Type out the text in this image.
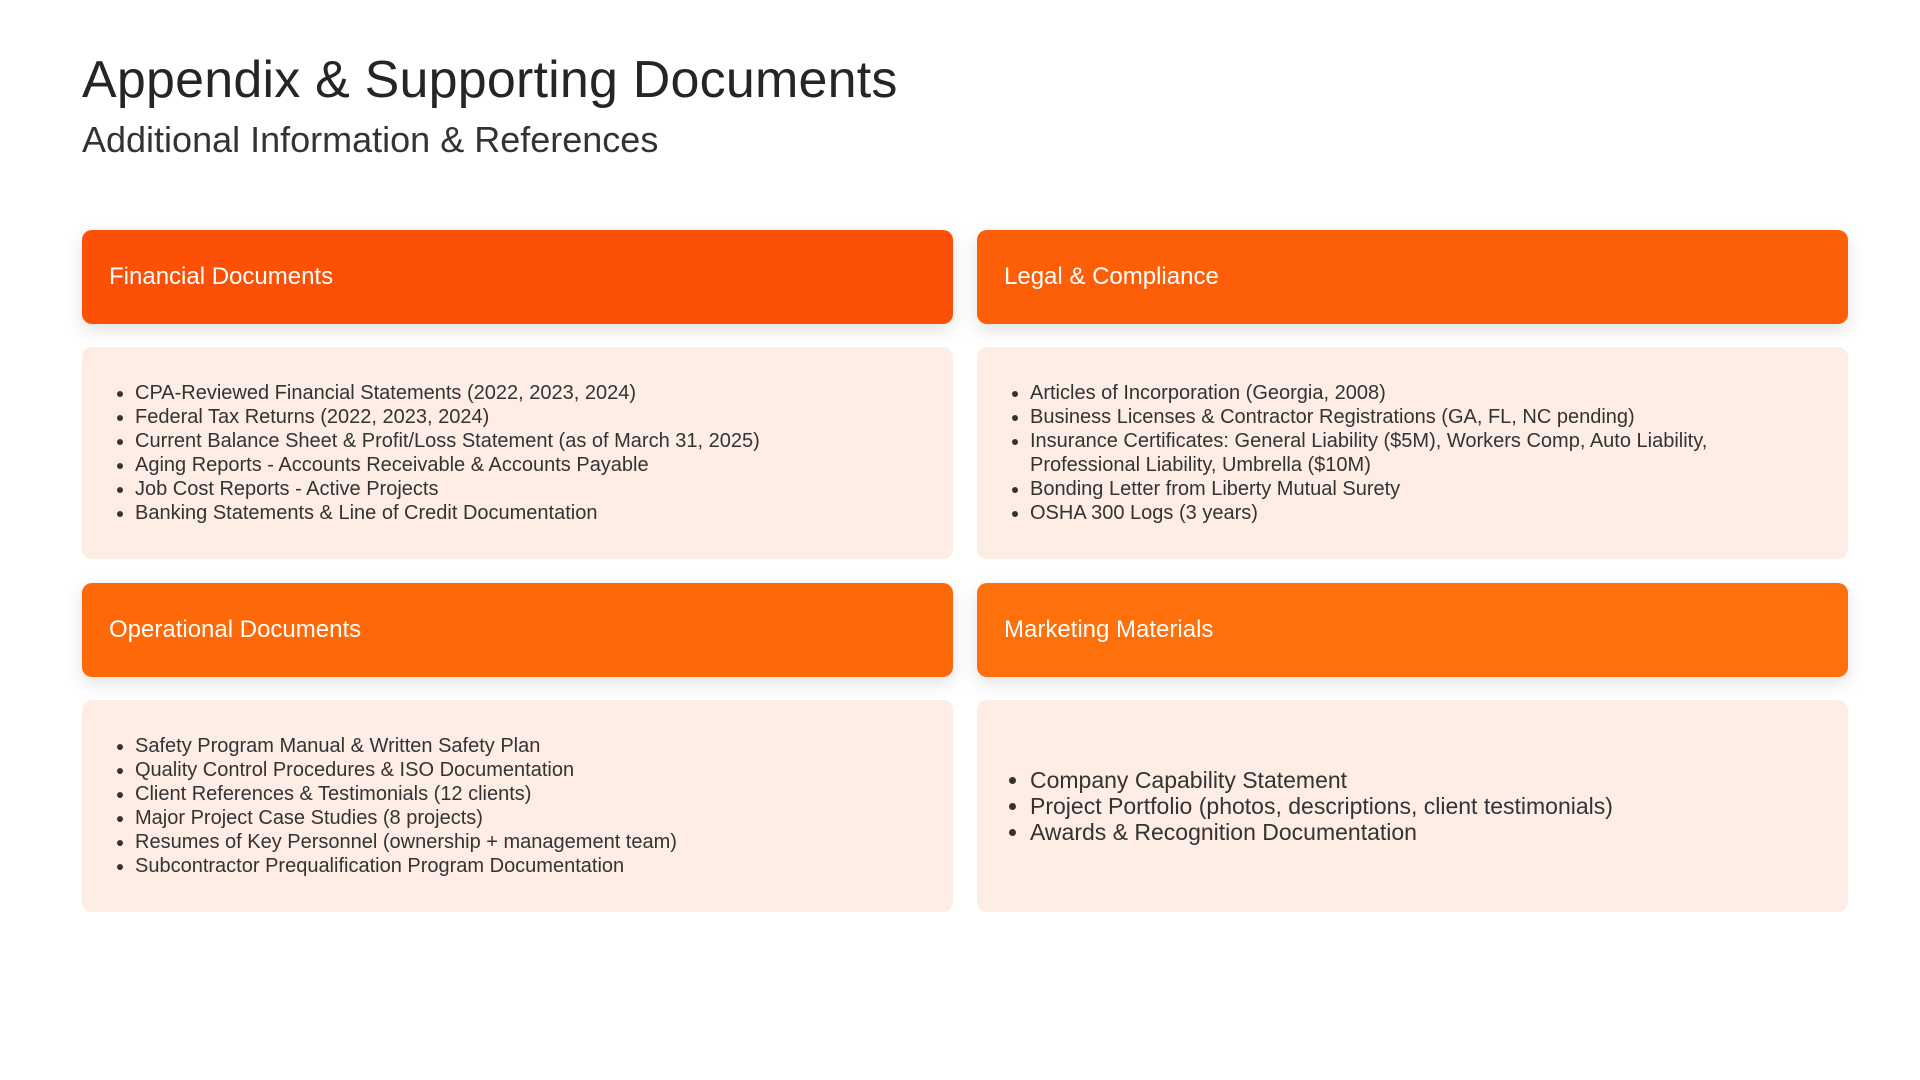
Appendix & Supporting Documents
Additional Information & References
Financial Documents
• CPA-Reviewed Financial Statements (2022, 2023, 2024)
• Federal Tax Returns (2022, 2023, 2024)
• Current Balance Sheet & Profit/Loss Statement (as of March 31, 2025)
• Aging Reports - Accounts Receivable & Accounts Payable
• Job Cost Reports - Active Projects
• Banking Statements & Line of Credit Documentation
Legal & Compliance
• Articles of Incorporation (Georgia, 2008)
• Business Licenses & Contractor Registrations (GA, FL, NC pending)
• Insurance Certificates: General Liability ($5M), Workers Comp, Auto Liability, Professional Liability, Umbrella ($10M)
• Bonding Letter from Liberty Mutual Surety
• OSHA 300 Logs (3 years)
Operational Documents
• Safety Program Manual & Written Safety Plan
• Quality Control Procedures & ISO Documentation
• Client References & Testimonials (12 clients)
• Major Project Case Studies (8 projects)
• Resumes of Key Personnel (ownership + management team)
• Subcontractor Prequalification Program Documentation
Marketing Materials
• Company Capability Statement
• Project Portfolio (photos, descriptions, client testimonials)
• Awards & Recognition Documentation
